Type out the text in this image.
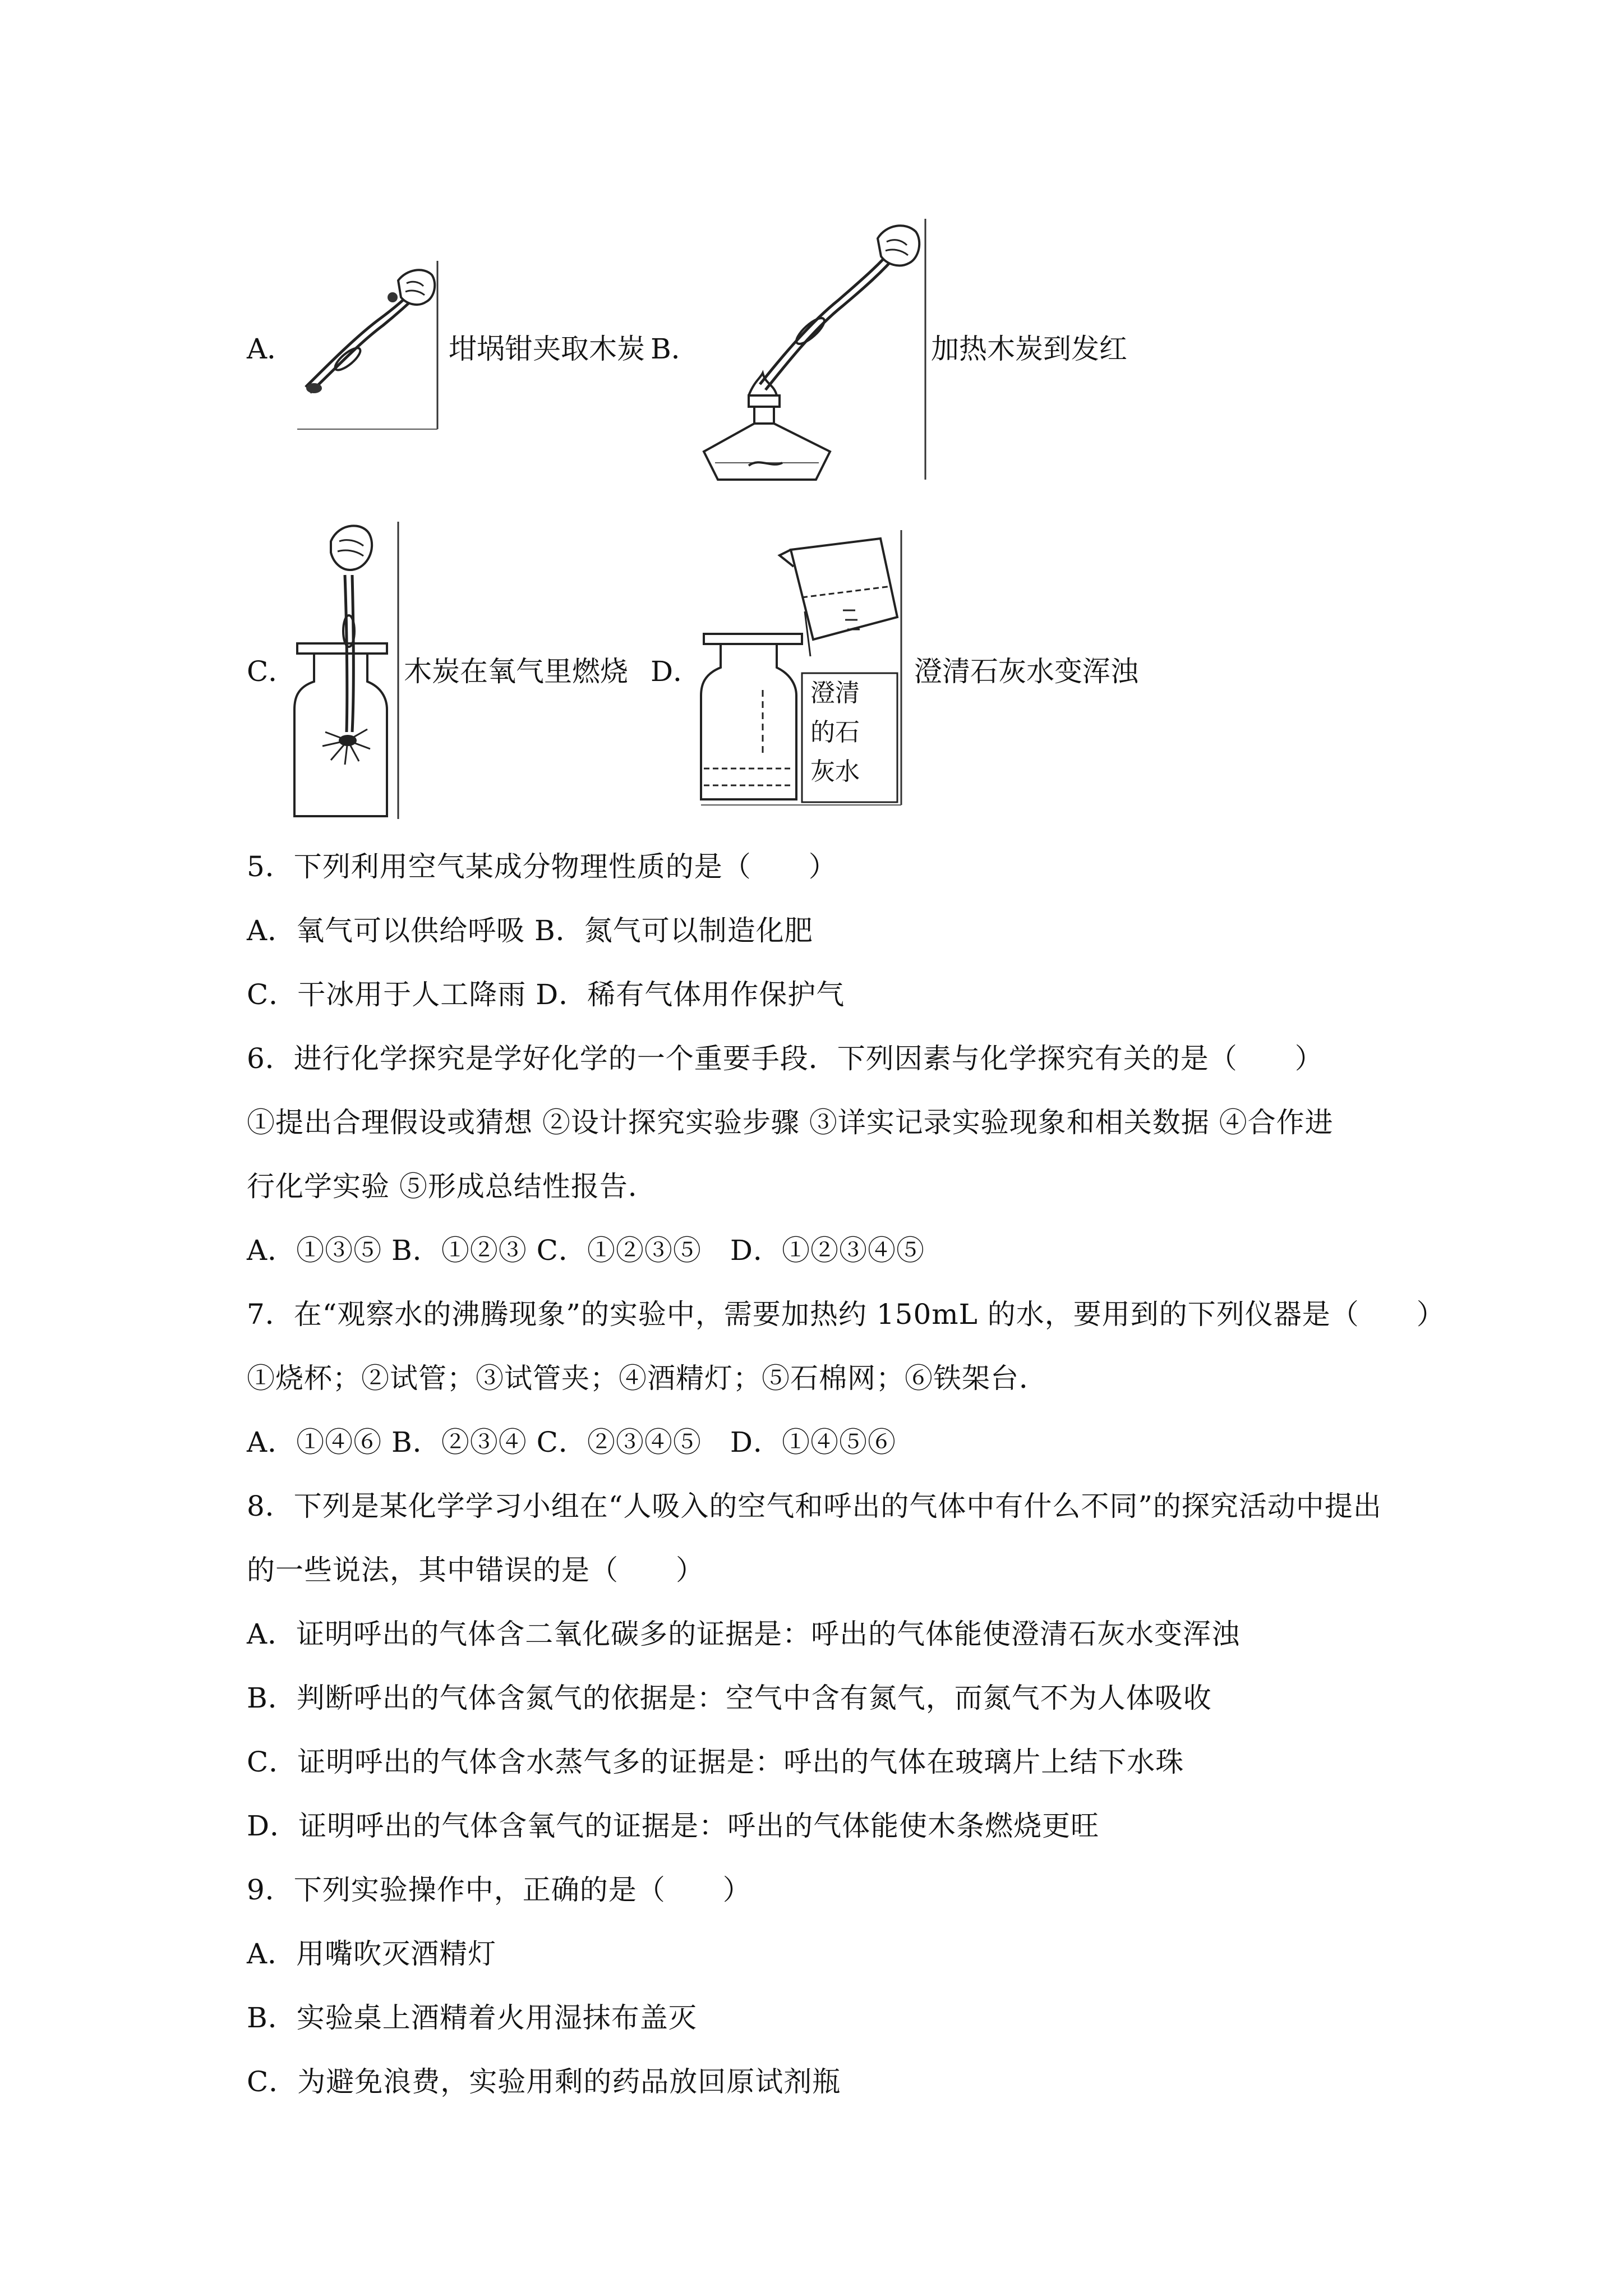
A．	坩埚钳夹取木炭 B．	加热木炭到发红
C．	木炭在氧气里燃烧 D．
澄清
的石
灰水
澄清石灰水变浑浊
5．下列利用空气某成分物理性质的是（　　）
A．氧气可以供给呼吸 B．氮气可以制造化肥
C．干冰用于人工降雨 D．稀有气体用作保护气
6．进行化学探究是学好化学的一个重要手段．下列因素与化学探究有关的是（　　）
①提出合理假设或猜想 ②设计探究实验步骤 ③详实记录实验现象和相关数据 ④合作进
行化学实验 ⑤形成总结性报告．
A．①③⑤ B．①②③ C．①②③⑤　D．①②③④⑤
7．在“观察水的沸腾现象”的实验中，需要加热约 150mL 的水，要用到的下列仪器是（　　）
①烧杯；②试管；③试管夹；④酒精灯；⑤石棉网；⑥铁架台．
A．①④⑥ B．②③④ C．②③④⑤　D．①④⑤⑥
8．下列是某化学学习小组在“人吸入的空气和呼出的气体中有什么不同”的探究活动中提出
的一些说法，其中错误的是（　　）
A．证明呼出的气体含二氧化碳多的证据是：呼出的气体能使澄清石灰水变浑浊
B．判断呼出的气体含氮气的依据是：空气中含有氮气，而氮气不为人体吸收
C．证明呼出的气体含水蒸气多的证据是：呼出的气体在玻璃片上结下水珠
D．证明呼出的气体含氧气的证据是：呼出的气体能使木条燃烧更旺
9．下列实验操作中，正确的是（　　）
A．用嘴吹灭酒精灯
B．实验桌上酒精着火用湿抹布盖灭
C．为避免浪费，实验用剩的药品放回原试剂瓶
